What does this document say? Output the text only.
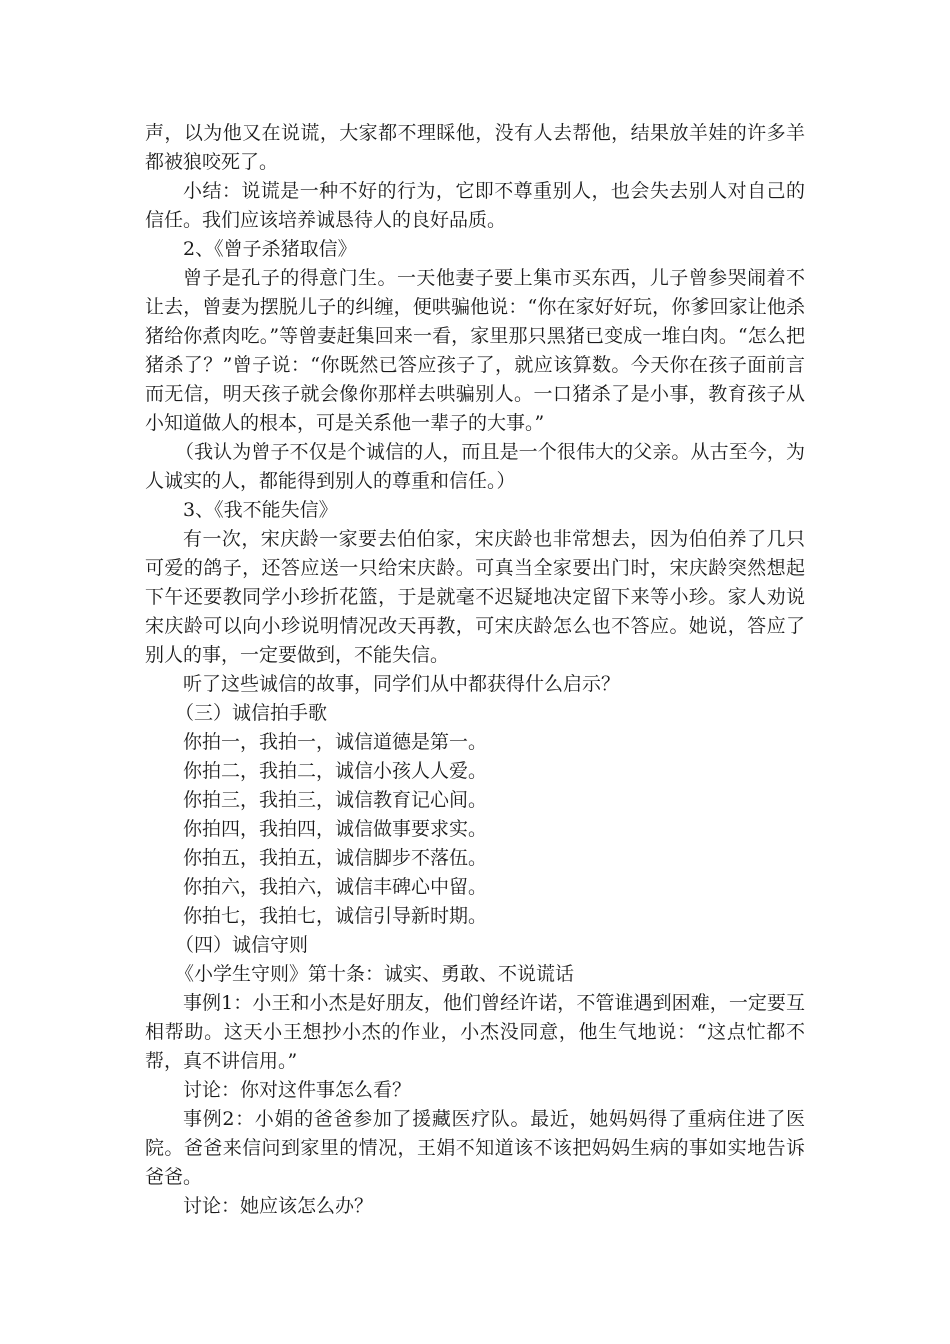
声，以为他又在说谎，大家都不理睬他，没有人去帮他，结果放羊娃的许多羊都被狼咬死了。

小结：说谎是一种不好的行为，它即不尊重别人，也会失去别人对自己的信任。我们应该培养诚恳待人的良好品质。

2、《曾子杀猪取信》

曾子是孔子的得意门生。一天他妻子要上集市买东西，儿子曾参哭闹着不让去，曾妻为摆脱儿子的纠缠，便哄骗他说：“你在家好好玩，你爹回家让他杀猪给你煮肉吃。”等曾妻赶集回来一看，家里那只黑猪已变成一堆白肉。“怎么把猪杀了？”曾子说：“你既然已答应孩子了，就应该算数。今天你在孩子面前言而无信，明天孩子就会像你那样去哄骗别人。一口猪杀了是小事，教育孩子从小知道做人的根本，可是关系他一辈子的大事。”

（我认为曾子不仅是个诚信的人，而且是一个很伟大的父亲。从古至今，为人诚实的人，都能得到别人的尊重和信任。）

3、《我不能失信》

有一次，宋庆龄一家要去伯伯家，宋庆龄也非常想去，因为伯伯养了几只可爱的鸽子，还答应送一只给宋庆龄。可真当全家要出门时，宋庆龄突然想起下午还要教同学小珍折花篮，于是就毫不迟疑地决定留下来等小珍。家人劝说宋庆龄可以向小珍说明情况改天再教，可宋庆龄怎么也不答应。她说，答应了别人的事，一定要做到，不能失信。

听了这些诚信的故事，同学们从中都获得什么启示？

（三）诚信拍手歌

你拍一，我拍一，诚信道德是第一。

你拍二，我拍二，诚信小孩人人爱。

你拍三，我拍三，诚信教育记心间。

你拍四，我拍四，诚信做事要求实。

你拍五，我拍五，诚信脚步不落伍。

你拍六，我拍六，诚信丰碑心中留。

你拍七，我拍七，诚信引导新时期。

（四）诚信守则

《小学生守则》第十条：诚实、勇敢、不说谎话

事例1：小王和小杰是好朋友，他们曾经许诺，不管谁遇到困难，一定要互相帮助。这天小王想抄小杰的作业，小杰没同意，他生气地说：“这点忙都不帮，真不讲信用。”

讨论：你对这件事怎么看？

事例2：小娟的爸爸参加了援藏医疗队。最近，她妈妈得了重病住进了医院。爸爸来信问到家里的情况，王娟不知道该不该把妈妈生病的事如实地告诉爸爸。

讨论：她应该怎么办？
